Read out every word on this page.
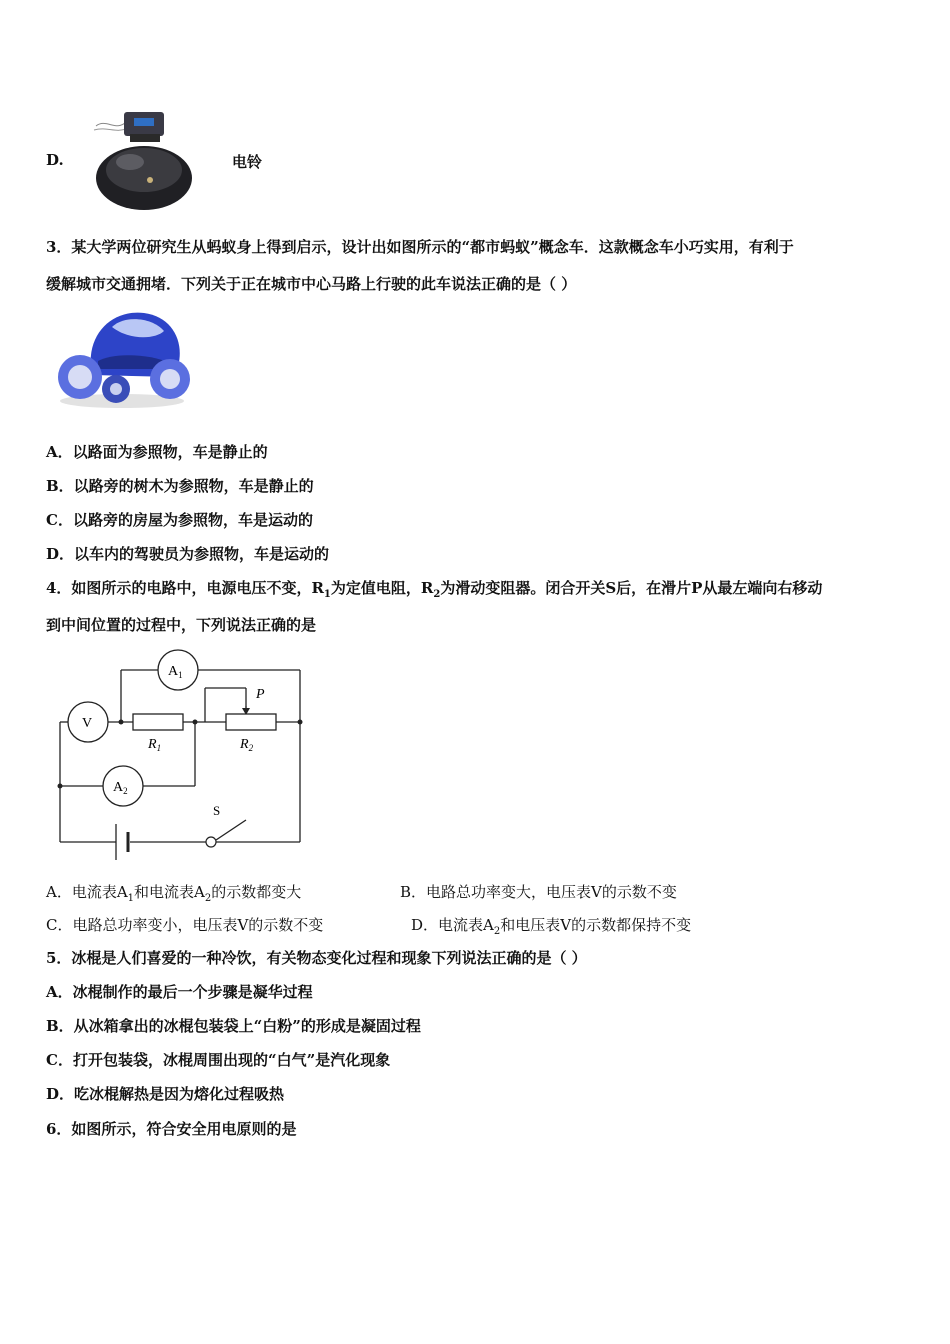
D.	电铃
3．某大学两位研究生从蚂蚁身上得到启示，设计出如图所示的“都市蚂蚁”概念车．这款概念车小巧实用，有利于
缓解城市交通拥堵．下列关于正在城市中心马路上行驶的此车说法正确的是（ ）
A．以路面为参照物，车是静止的
B．以路旁的树木为参照物，车是静止的
C．以路旁的房屋为参照物，车是运动的
D．以车内的驾驶员为参照物，车是运动的
4．如图所示的电路中，电源电压不变，$R_1$为定值电阻，$R_2$为滑动变阻器。闭合开关S后，在滑片P从最左端向右移动
到中间位置的过程中，下列说法正确的是
$A_1$
V
$A_2$
$R_1$	$R_2$
P
S
A．电流表$A_1$和电流表$A_2$的示数都变大	B．电路总功率变大，电压表V的示数不变
C．电路总功率变小，电压表V的示数不变	D．电流表$A_2$和电压表V的示数都保持不变
5．冰棍是人们喜爱的一种冷饮，有关物态变化过程和现象下列说法正确的是（ ）
A．冰棍制作的最后一个步骤是凝华过程
B．从冰箱拿出的冰棍包装袋上“白粉”的形成是凝固过程
C．打开包装袋，冰棍周围出现的“白气”是汽化现象
D．吃冰棍解热是因为熔化过程吸热
6．如图所示，符合安全用电原则的是
